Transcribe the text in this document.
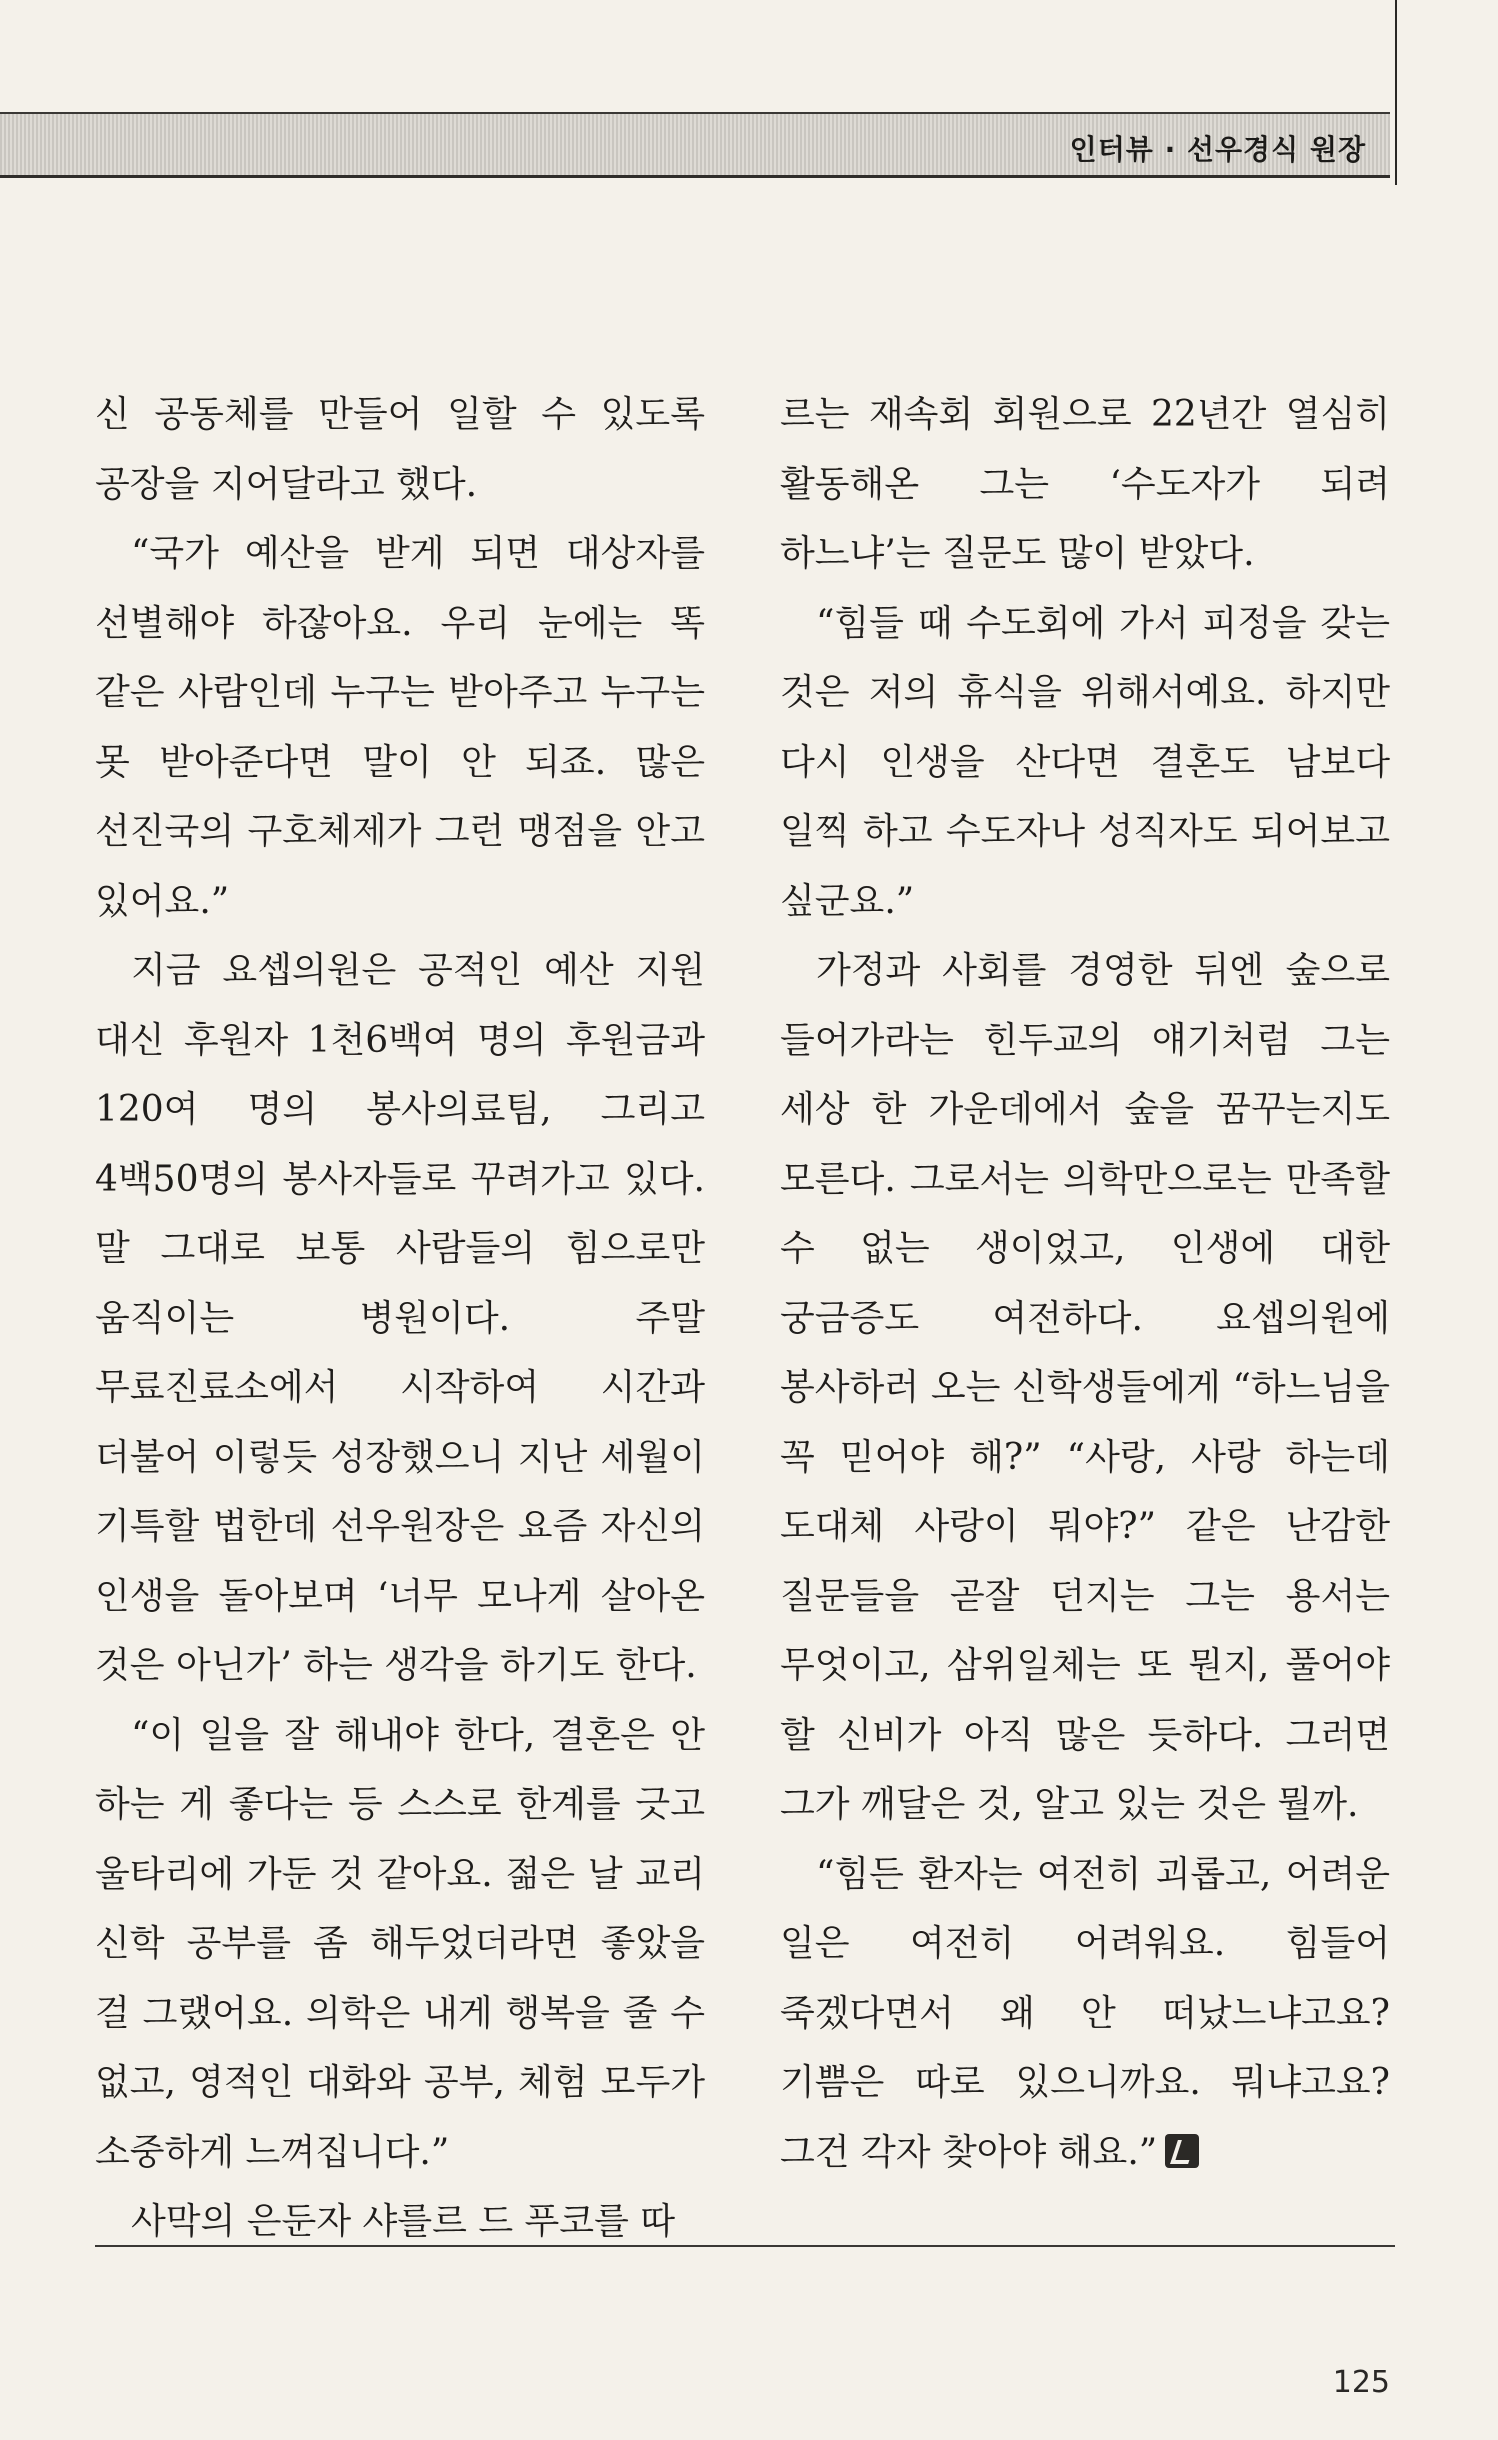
인터뷰 · 선우경식 원장

신 공동체를 만들어 일할 수 있도록 공장을 지어달라고 했다.

“국가 예산을 받게 되면 대상자를 선별해야 하잖아요. 우리 눈에는 똑 같은 사람인데 누구는 받아주고 누구는 못 받아준다면 말이 안 되죠. 많은 선진국의 구호체제가 그런 맹점을 안고 있어요.”

지금 요셉의원은 공적인 예산 지원 대신 후원자 1천6백여 명의 후원금과 120여 명의 봉사의료팀, 그리고 4백50명의 봉사자들로 꾸려가고 있다. 말 그대로 보통 사람들의 힘으로만 움직이는 병원이다. 주말 무료진료소에서 시작하여 시간과 더불어 이렇듯 성장했으니 지난 세월이 기특할 법한데 선우원장은 요즘 자신의 인생을 돌아보며 ‘너무 모나게 살아온 것은 아닌가’ 하는 생각을 하기도 한다.

“이 일을 잘 해내야 한다, 결혼은 안 하는 게 좋다는 등 스스로 한계를 긋고 울타리에 가둔 것 같아요. 젊은 날 교리 신학 공부를 좀 해두었더라면 좋았을 걸 그랬어요. 의학은 내게 행복을 줄 수 없고, 영적인 대화와 공부, 체험 모두가 소중하게 느껴집니다.”

사막의 은둔자 샤를르 드 푸코를 따

르는 재속회 회원으로 22년간 열심히 활동해온 그는 ‘수도자가 되려 하느냐’는 질문도 많이 받았다.

“힘들 때 수도회에 가서 피정을 갖는 것은 저의 휴식을 위해서예요. 하지만 다시 인생을 산다면 결혼도 남보다 일찍 하고 수도자나 성직자도 되어보고 싶군요.”

가정과 사회를 경영한 뒤엔 숲으로 들어가라는 힌두교의 얘기처럼 그는 세상 한 가운데에서 숲을 꿈꾸는지도 모른다. 그로서는 의학만으로는 만족할 수 없는 생이었고, 인생에 대한 궁금증도 여전하다. 요셉의원에 봉사하러 오는 신학생들에게 “하느님을 꼭 믿어야 해?” “사랑, 사랑 하는데 도대체 사랑이 뭐야?” 같은 난감한 질문들을 곧잘 던지는 그는 용서는 무엇이고, 삼위일체는 또 뭔지, 풀어야 할 신비가 아직 많은 듯하다. 그러면 그가 깨달은 것, 알고 있는 것은 뭘까.

“힘든 환자는 여전히 괴롭고, 어려운 일은 여전히 어려워요. 힘들어 죽겠다면서 왜 안 떠났느냐고요? 기쁨은 따로 있으니까요. 뭐냐고요? 그건 각자 찾아야 해요.”

125
